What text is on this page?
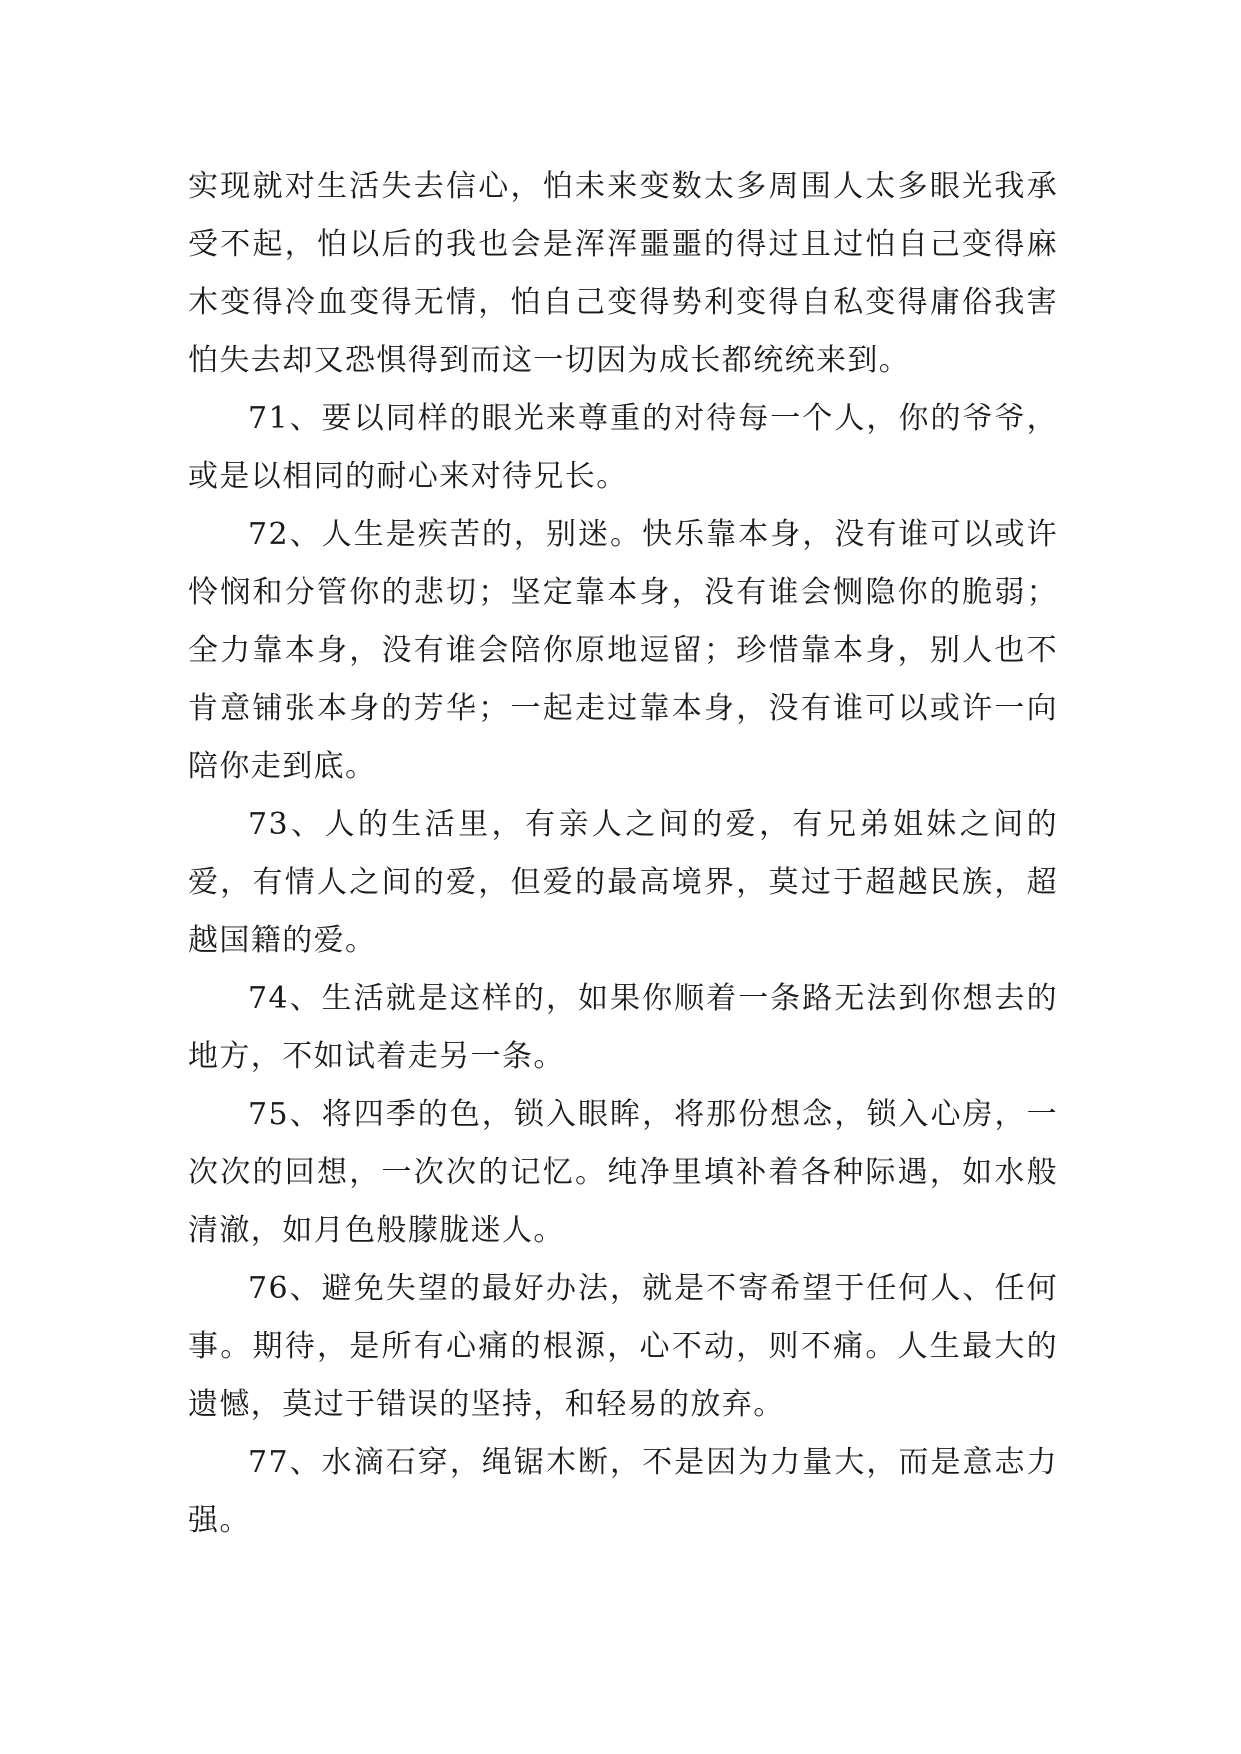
实现就对生活失去信心，怕未来变数太多周围人太多眼光我承受不起，怕以后的我也会是浑浑噩噩的得过且过怕自己变得麻木变得冷血变得无情，怕自己变得势利变得自私变得庸俗我害怕失去却又恐惧得到而这一切因为成长都统统来到。

71、要以同样的眼光来尊重的对待每一个人，你的爷爷，或是以相同的耐心来对待兄长。

72、人生是疾苦的，别迷。快乐靠本身，没有谁可以或许怜悯和分管你的悲切；坚定靠本身，没有谁会恻隐你的脆弱；全力靠本身，没有谁会陪你原地逗留；珍惜靠本身，别人也不肯意铺张本身的芳华；一起走过靠本身，没有谁可以或许一向陪你走到底。

73、人的生活里，有亲人之间的爱，有兄弟姐妹之间的爱，有情人之间的爱，但爱的最高境界，莫过于超越民族，超越国籍的爱。

74、生活就是这样的，如果你顺着一条路无法到你想去的地方，不如试着走另一条。

75、将四季的色，锁入眼眸，将那份想念，锁入心房，一次次的回想，一次次的记忆。纯净里填补着各种际遇，如水般清澈，如月色般朦胧迷人。

76、避免失望的最好办法，就是不寄希望于任何人、任何事。期待，是所有心痛的根源，心不动，则不痛。人生最大的遗憾，莫过于错误的坚持，和轻易的放弃。

77、水滴石穿，绳锯木断，不是因为力量大，而是意志力强。
